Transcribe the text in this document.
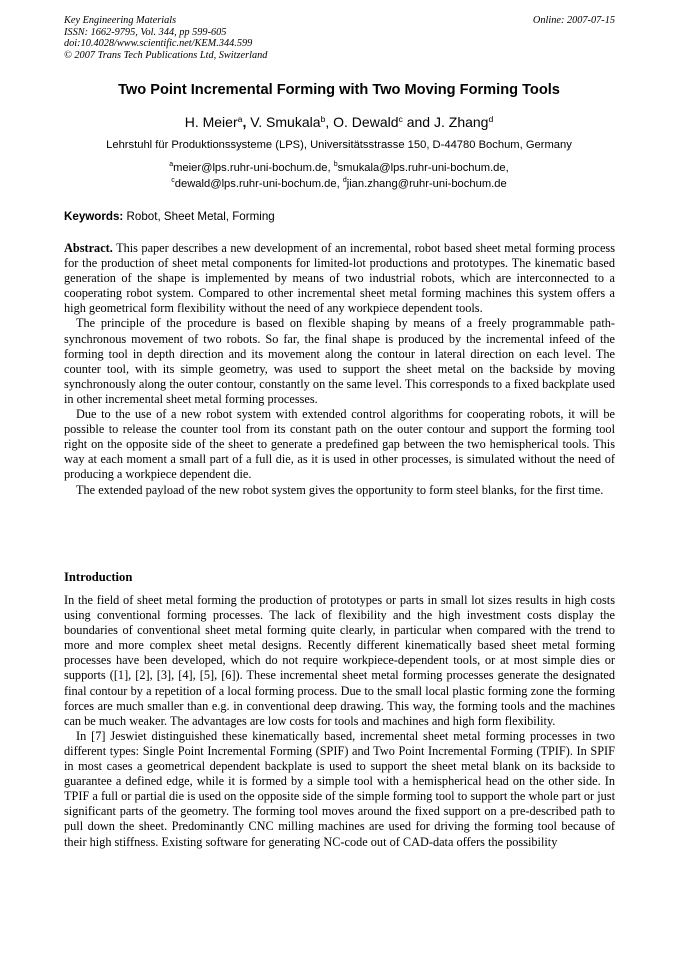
Key Engineering Materials
ISSN: 1662-9795, Vol. 344, pp 599-605
doi:10.4028/www.scientific.net/KEM.344.599
© 2007 Trans Tech Publications Ltd, Switzerland
Online: 2007-07-15
Two Point Incremental Forming with Two Moving Forming Tools
H. Meier$^a$, V. Smukala$^b$, O. Dewald$^c$ and J. Zhang$^d$
Lehrstuhl für Produktionssysteme (LPS), Universitätsstrasse 150, D-44780 Bochum, Germany
$^a$meier@lps.ruhr-uni-bochum.de, $^b$smukala@lps.ruhr-uni-bochum.de,
$^c$dewald@lps.ruhr-uni-bochum.de, $^d$jian.zhang@ruhr-uni-bochum.de
Keywords: Robot, Sheet Metal, Forming

Abstract. This paper describes a new development of an incremental, robot based sheet metal forming process for the production of sheet metal components for limited-lot productions and prototypes. The kinematic based generation of the shape is implemented by means of two industrial robots, which are interconnected to a cooperating robot system. Compared to other incremental sheet metal forming machines this system offers a high geometrical form flexibility without the need of any workpiece dependent tools.

The principle of the procedure is based on flexible shaping by means of a freely programmable path-synchronous movement of two robots. So far, the final shape is produced by the incremental infeed of the forming tool in depth direction and its movement along the contour in lateral direction on each level. The counter tool, with its simple geometry, was used to support the sheet metal on the backside by moving synchronously along the outer contour, constantly on the same level. This corresponds to a fixed backplate used in other incremental sheet metal forming processes.

Due to the use of a new robot system with extended control algorithms for cooperating robots, it will be possible to release the counter tool from its constant path on the outer contour and support the forming tool right on the opposite side of the sheet to generate a predefined gap between the two hemispherical tools. This way at each moment a small part of a full die, as it is used in other processes, is simulated without the need of producing a workpiece dependent die.

The extended payload of the new robot system gives the opportunity to form steel blanks, for the first time.

Introduction

In the field of sheet metal forming the production of prototypes or parts in small lot sizes results in high costs using conventional forming processes. The lack of flexibility and the high investment costs display the boundaries of conventional sheet metal forming quite clearly, in particular when compared with the trend to more and more complex sheet metal designs. Recently different kinematically based sheet metal forming processes have been developed, which do not require workpiece-dependent tools, or at most simple dies or supports ([1], [2], [3], [4], [5], [6]). These incremental sheet metal forming processes generate the designated final contour by a repetition of a local forming process. Due to the small local plastic forming zone the forming forces are much smaller than e.g. in conventional deep drawing. This way, the forming tools and the machines can be much weaker. The advantages are low costs for tools and machines and high form flexibility.

In [7] Jeswiet distinguished these kinematically based, incremental sheet metal forming processes in two different types: Single Point Incremental Forming (SPIF) and Two Point Incremental Forming (TPIF). In SPIF in most cases a geometrical dependent backplate is used to support the sheet metal blank on its backside to guarantee a defined edge, while it is formed by a simple tool with a hemispherical head on the other side. In TPIF a full or partial die is used on the opposite side of the simple forming tool to support the whole part or just significant parts of the geometry. The forming tool moves around the fixed support on a pre-described path to pull down the sheet. Predominantly CNC milling machines are used for driving the forming tool because of their high stiffness. Existing software for generating NC-code out of CAD-data offers the possibility
